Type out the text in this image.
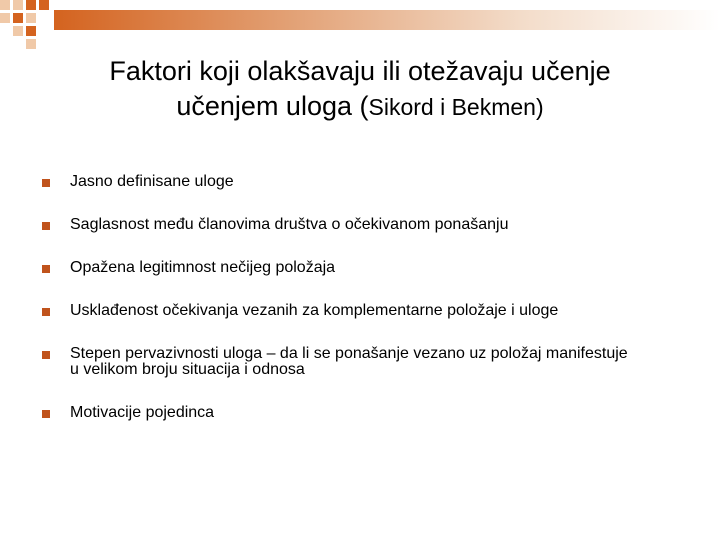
Faktori koji olakšavaju ili otežavaju učenje
učenjem uloga (Sikord i Bekmen)
Jasno definisane uloge
Saglasnost među članovima društva o očekivanom ponašanju
Opažena legitimnost nečijeg položaja
Usklađenost očekivanja vezanih za komplementarne položaje i uloge
Stepen pervazivnosti uloga – da li se ponašanje vezano uz položaj manifestuje u velikom broju situacija i odnosa
Motivacije pojedinca
